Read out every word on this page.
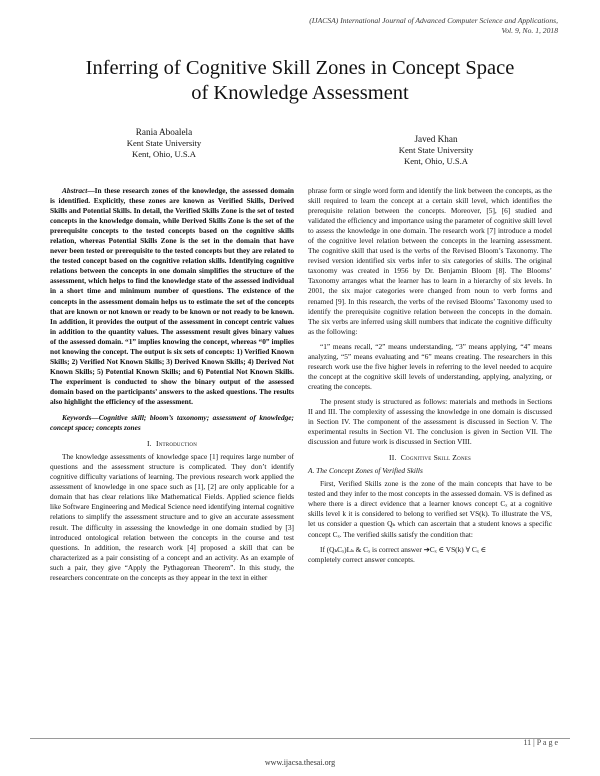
(IJACSA) International Journal of Advanced Computer Science and Applications,
Vol. 9, No. 1, 2018
Inferring of Cognitive Skill Zones in Concept Space
of Knowledge Assessment
Rania Aboalela
Kent State University
Kent, Ohio, U.S.A
Javed Khan
Kent State University
Kent, Ohio, U.S.A

Abstract—In these research zones of the knowledge, the assessed domain is identified. Explicitly, these zones are known as Verified Skills, Derived Skills and Potential Skills. In detail, the Verified Skills Zone is the set of tested concepts in the knowledge domain, while Derived Skills Zone is the set of the prerequisite concepts to the tested concepts based on the cognitive skills relation, whereas Potential Skills Zone is the set in the domain that have never been tested or prerequisite to the tested concepts but they are related to the tested concept based on the cognitive relation skills. Identifying cognitive relations between the concepts in one domain simplifies the structure of the assessment, which helps to find the knowledge state of the assessed individual in a short time and minimum number of questions. The existence of the concepts in the assessment domain helps us to estimate the set of the concepts that are known or not known or ready to be known or not ready to be known. In addition, it provides the output of the assessment in concept centric values in addition to the quantity values. The assessment result gives binary values of the assessed domain. “1” implies knowing the concept, whereas “0” implies not knowing the concept. The output is six sets of concepts: 1) Verified Known Skills; 2) Verified Not Known Skills; 3) Derived Known Skills; 4) Derived Not Known Skills; 5) Potential Known Skills; and 6) Potential Not Known Skills. The experiment is conducted to show the binary output of the assessed domain based on the participants’ answers to the asked questions. The results also highlight the efficiency of the assessment.

Keywords—Cognitive skill; bloom’s taxonomy; assessment of knowledge; concept space; concepts zones

I. Introduction

The knowledge assessments of knowledge space [1] requires large number of questions and the assessment structure is complicated. They don’t identify cognitive difficulty variations of learning. The previous research work applied the assessment of knowledge in one space such as [1], [2] are only applicable for a domain that has clear relations like Mathematical Fields. Applied science fields like Software Engineering and Medical Science need identifying internal cognitive relations to simplify the assessment structure and to give an accurate assessment result. The difficulty in assessing the knowledge in one domain studied by [3] introduced ontological relation between the concepts in the course and test questions. In addition, the research work [4] proposed a skill that can be characterized as a pair consisting of a concept and an activity. As an example of such a pair, they give “Apply the Pythagorean Theorem”. In this study, the researchers concentrate on the concepts as they appear in the text in either

phrase form or single word form and identify the link between the concepts, as the skill required to learn the concept at a certain skill level, which identifies the prerequisite relation between the concepts. Moreover, [5], [6] studied and validated the efficiency and importance using the parameter of cognitive skill level to assess the knowledge in one domain. The research work [7] introduce a model of the cognitive level relation between the concepts in the learning assessment. The cognitive skill that used is the verbs of the Revised Bloom’s Taxonomy. The revised version identified six verbs infer to six categories of skills. The original taxonomy was created in 1956 by Dr. Benjamin Bloom [8]. The Blooms’ Taxonomy arranges what the learner has to learn in a hierarchy of six levels. In 2001, the six major categories were changed from noun to verb forms and renamed [9]. In this research, the verbs of the revised Blooms’ Taxonomy used to identify the prerequisite cognitive relation between the concepts in the domain. The six verbs are inferred using skill numbers that indicate the cognitive difficulty as the following:

“1” means recall, “2” means understanding, “3” means applying, “4” means analyzing, “5” means evaluating and “6” means creating. The researchers in this research work use the five higher levels in referring to the level needed to acquire the concept at the cognitive skill levels of understanding, applying, analyzing, or creating the concepts.

The present study is structured as follows: materials and methods in Sections II and III. The complexity of assessing the knowledge in one domain is discussed in Section IV. The component of the assessment is discussed in Section V. The experimental results in Section VI. The conclusion is given in Section VII. The discussion and future work is discussed in Section VIII.

II. Cognitive Skill Zones

A. The Concept Zones of Verified Skills

First, Verified Skills zone is the zone of the main concepts that have to be tested and they infer to the most concepts in the assessed domain. VS is defined as where there is a direct evidence that a learner knows concept Cₓ at a cognitive skills level k it is considered to belong to verified set VS(k). To illustrate the VS, let us consider a question Qₖ which can ascertain that a student knows a specific concept Cₓ. The verified skills satisfy the condition that:

If (QₖCₓ)Lₖ & Cₓ is correct answer ➔Cₓ ∈ VS(k) ∀ Cₓ ∈

completely correct answer concepts.

11 | P a g e
www.ijacsa.thesai.org
